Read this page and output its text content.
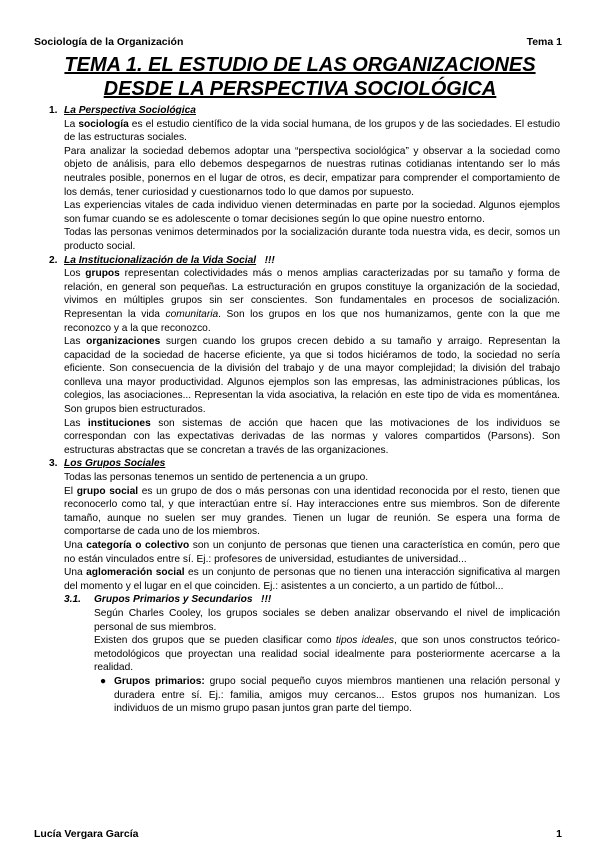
Sociología de la Organización	Tema 1
TEMA 1. EL ESTUDIO DE LAS ORGANIZACIONES
DESDE LA PERSPECTIVA SOCIOLÓGICA
1. La Perspectiva Sociológica

La sociología es el estudio científico de la vida social humana, de los grupos y de las sociedades. El estudio de las estructuras sociales.

Para analizar la sociedad debemos adoptar una “perspectiva sociológica” y observar a la sociedad como objeto de análisis, para ello debemos despegarnos de nuestras rutinas cotidianas intentando ser lo más neutrales posible, ponernos en el lugar de otros, es decir, empatizar para comprender el comportamiento de los demás, tener curiosidad y cuestionarnos todo lo que damos por supuesto.

Las experiencias vitales de cada individuo vienen determinadas en parte por la sociedad. Algunos ejemplos son fumar cuando se es adolescente o tomar decisiones según lo que opine nuestro entorno.

Todas las personas venimos determinados por la socialización durante toda nuestra vida, es decir, somos un producto social.

2. La Institucionalización de la Vida Social !!!

Los grupos representan colectividades más o menos amplias caracterizadas por su tamaño y forma de relación, en general son pequeñas. La estructuración en grupos constituye la organización de la sociedad, vivimos en múltiples grupos sin ser conscientes. Son fundamentales en procesos de socialización. Representan la vida comunitaria. Son los grupos en los que nos humanizamos, gente con la que me reconozco y a la que reconozco.

Las organizaciones surgen cuando los grupos crecen debido a su tamaño y arraigo. Representan la capacidad de la sociedad de hacerse eficiente, ya que si todos hiciéramos de todo, la sociedad no sería eficiente. Son consecuencia de la división del trabajo y de una mayor complejidad; la división del trabajo conlleva una mayor productividad. Algunos ejemplos son las empresas, las administraciones públicas, los colegios, las asociaciones... Representan la vida asociativa, la relación en este tipo de vida es momentánea. Son grupos bien estructurados.

Las instituciones son sistemas de acción que hacen que las motivaciones de los individuos se correspondan con las expectativas derivadas de las normas y valores compartidos (Parsons). Son estructuras abstractas que se concretan a través de las organizaciones.

3. Los Grupos Sociales

Todas las personas tenemos un sentido de pertenencia a un grupo.

El grupo social es un grupo de dos o más personas con una identidad reconocida por el resto, tienen que reconocerlo como tal, y que interactúan entre sí. Hay interacciones entre sus miembros. Son de diferente tamaño, aunque no suelen ser muy grandes. Tienen un lugar de reunión. Se espera una forma de comportarse de cada uno de los miembros.

Una categoría o colectivo son un conjunto de personas que tienen una característica en común, pero que no están vinculados entre sí. Ej.: profesores de universidad, estudiantes de universidad...

Una aglomeración social es un conjunto de personas que no tienen una interacción significativa al margen del momento y el lugar en el que coinciden. Ej.: asistentes a un concierto, a un partido de fútbol...

3.1. Grupos Primarios y Secundarios !!!

Según Charles Cooley, los grupos sociales se deben analizar observando el nivel de implicación personal de sus miembros.

Existen dos grupos que se pueden clasificar como tipos ideales, que son unos constructos teórico-metodológicos que proyectan una realidad social idealmente para posteriormente acercarse a la realidad.

● Grupos primarios: grupo social pequeño cuyos miembros mantienen una relación personal y duradera entre sí. Ej.: familia, amigos muy cercanos... Estos grupos nos humanizan. Los individuos de un mismo grupo pasan juntos gran parte del tiempo.
Lucía Vergara García	1
